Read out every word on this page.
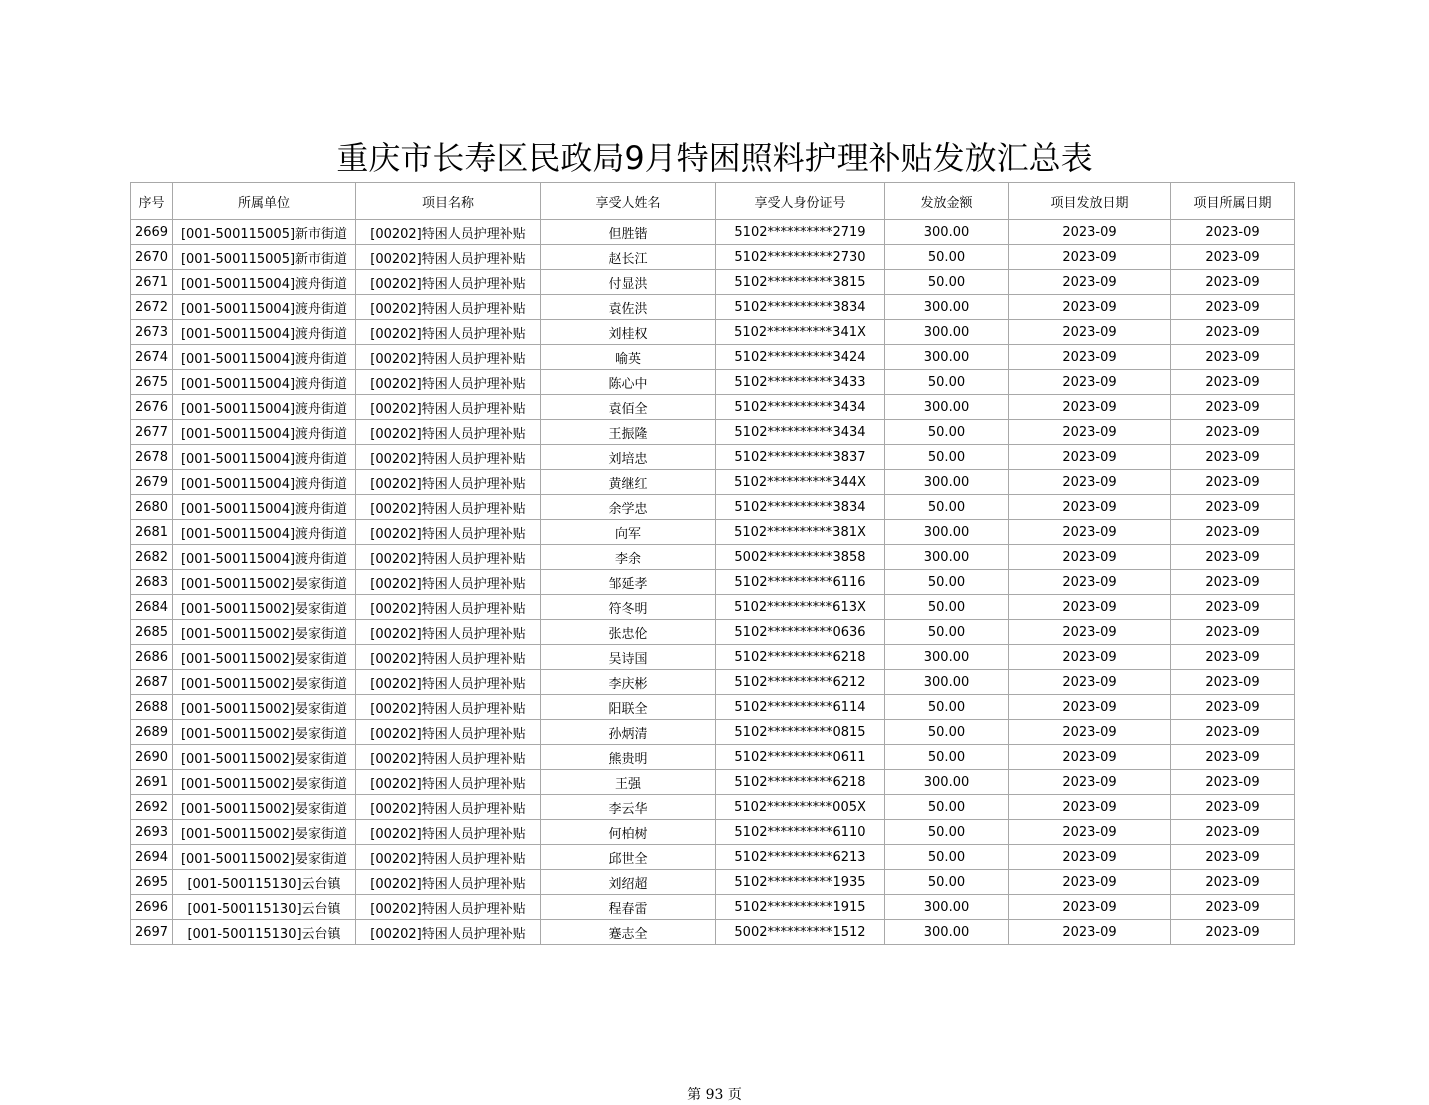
重庆市长寿区民政局9月特困照料护理补贴发放汇总表
序号	所属单位	项目名称	享受人姓名	享受人身份证号	发放金额	项目发放日期	项目所属日期
2669	[001-500115005]新市街道	[00202]特困人员护理补贴	但胜锴	5102**********2719	300.00	2023-09	2023-09
2670	[001-500115005]新市街道	[00202]特困人员护理补贴	赵长江	5102**********2730	50.00	2023-09	2023-09
2671	[001-500115004]渡舟街道	[00202]特困人员护理补贴	付显洪	5102**********3815	50.00	2023-09	2023-09
2672	[001-500115004]渡舟街道	[00202]特困人员护理补贴	袁佐洪	5102**********3834	300.00	2023-09	2023-09
2673	[001-500115004]渡舟街道	[00202]特困人员护理补贴	刘桂权	5102**********341X	300.00	2023-09	2023-09
2674	[001-500115004]渡舟街道	[00202]特困人员护理补贴	喻英	5102**********3424	300.00	2023-09	2023-09
2675	[001-500115004]渡舟街道	[00202]特困人员护理补贴	陈心中	5102**********3433	50.00	2023-09	2023-09
2676	[001-500115004]渡舟街道	[00202]特困人员护理补贴	袁佰全	5102**********3434	300.00	2023-09	2023-09
2677	[001-500115004]渡舟街道	[00202]特困人员护理补贴	王振隆	5102**********3434	50.00	2023-09	2023-09
2678	[001-500115004]渡舟街道	[00202]特困人员护理补贴	刘培忠	5102**********3837	50.00	2023-09	2023-09
2679	[001-500115004]渡舟街道	[00202]特困人员护理补贴	黄继红	5102**********344X	300.00	2023-09	2023-09
2680	[001-500115004]渡舟街道	[00202]特困人员护理补贴	余学忠	5102**********3834	50.00	2023-09	2023-09
2681	[001-500115004]渡舟街道	[00202]特困人员护理补贴	向军	5102**********381X	300.00	2023-09	2023-09
2682	[001-500115004]渡舟街道	[00202]特困人员护理补贴	李余	5002**********3858	300.00	2023-09	2023-09
2683	[001-500115002]晏家街道	[00202]特困人员护理补贴	邹延孝	5102**********6116	50.00	2023-09	2023-09
2684	[001-500115002]晏家街道	[00202]特困人员护理补贴	符冬明	5102**********613X	50.00	2023-09	2023-09
2685	[001-500115002]晏家街道	[00202]特困人员护理补贴	张忠伦	5102**********0636	50.00	2023-09	2023-09
2686	[001-500115002]晏家街道	[00202]特困人员护理补贴	吴诗国	5102**********6218	300.00	2023-09	2023-09
2687	[001-500115002]晏家街道	[00202]特困人员护理补贴	李庆彬	5102**********6212	300.00	2023-09	2023-09
2688	[001-500115002]晏家街道	[00202]特困人员护理补贴	阳联全	5102**********6114	50.00	2023-09	2023-09
2689	[001-500115002]晏家街道	[00202]特困人员护理补贴	孙炳清	5102**********0815	50.00	2023-09	2023-09
2690	[001-500115002]晏家街道	[00202]特困人员护理补贴	熊贵明	5102**********0611	50.00	2023-09	2023-09
2691	[001-500115002]晏家街道	[00202]特困人员护理补贴	王强	5102**********6218	300.00	2023-09	2023-09
2692	[001-500115002]晏家街道	[00202]特困人员护理补贴	李云华	5102**********005X	50.00	2023-09	2023-09
2693	[001-500115002]晏家街道	[00202]特困人员护理补贴	何柏树	5102**********6110	50.00	2023-09	2023-09
2694	[001-500115002]晏家街道	[00202]特困人员护理补贴	邱世全	5102**********6213	50.00	2023-09	2023-09
2695	[001-500115130]云台镇	[00202]特困人员护理补贴	刘绍超	5102**********1935	50.00	2023-09	2023-09
2696	[001-500115130]云台镇	[00202]特困人员护理补贴	程春雷	5102**********1915	300.00	2023-09	2023-09
2697	[001-500115130]云台镇	[00202]特困人员护理补贴	蹇志全	5002**********1512	300.00	2023-09	2023-09
第 93 页
